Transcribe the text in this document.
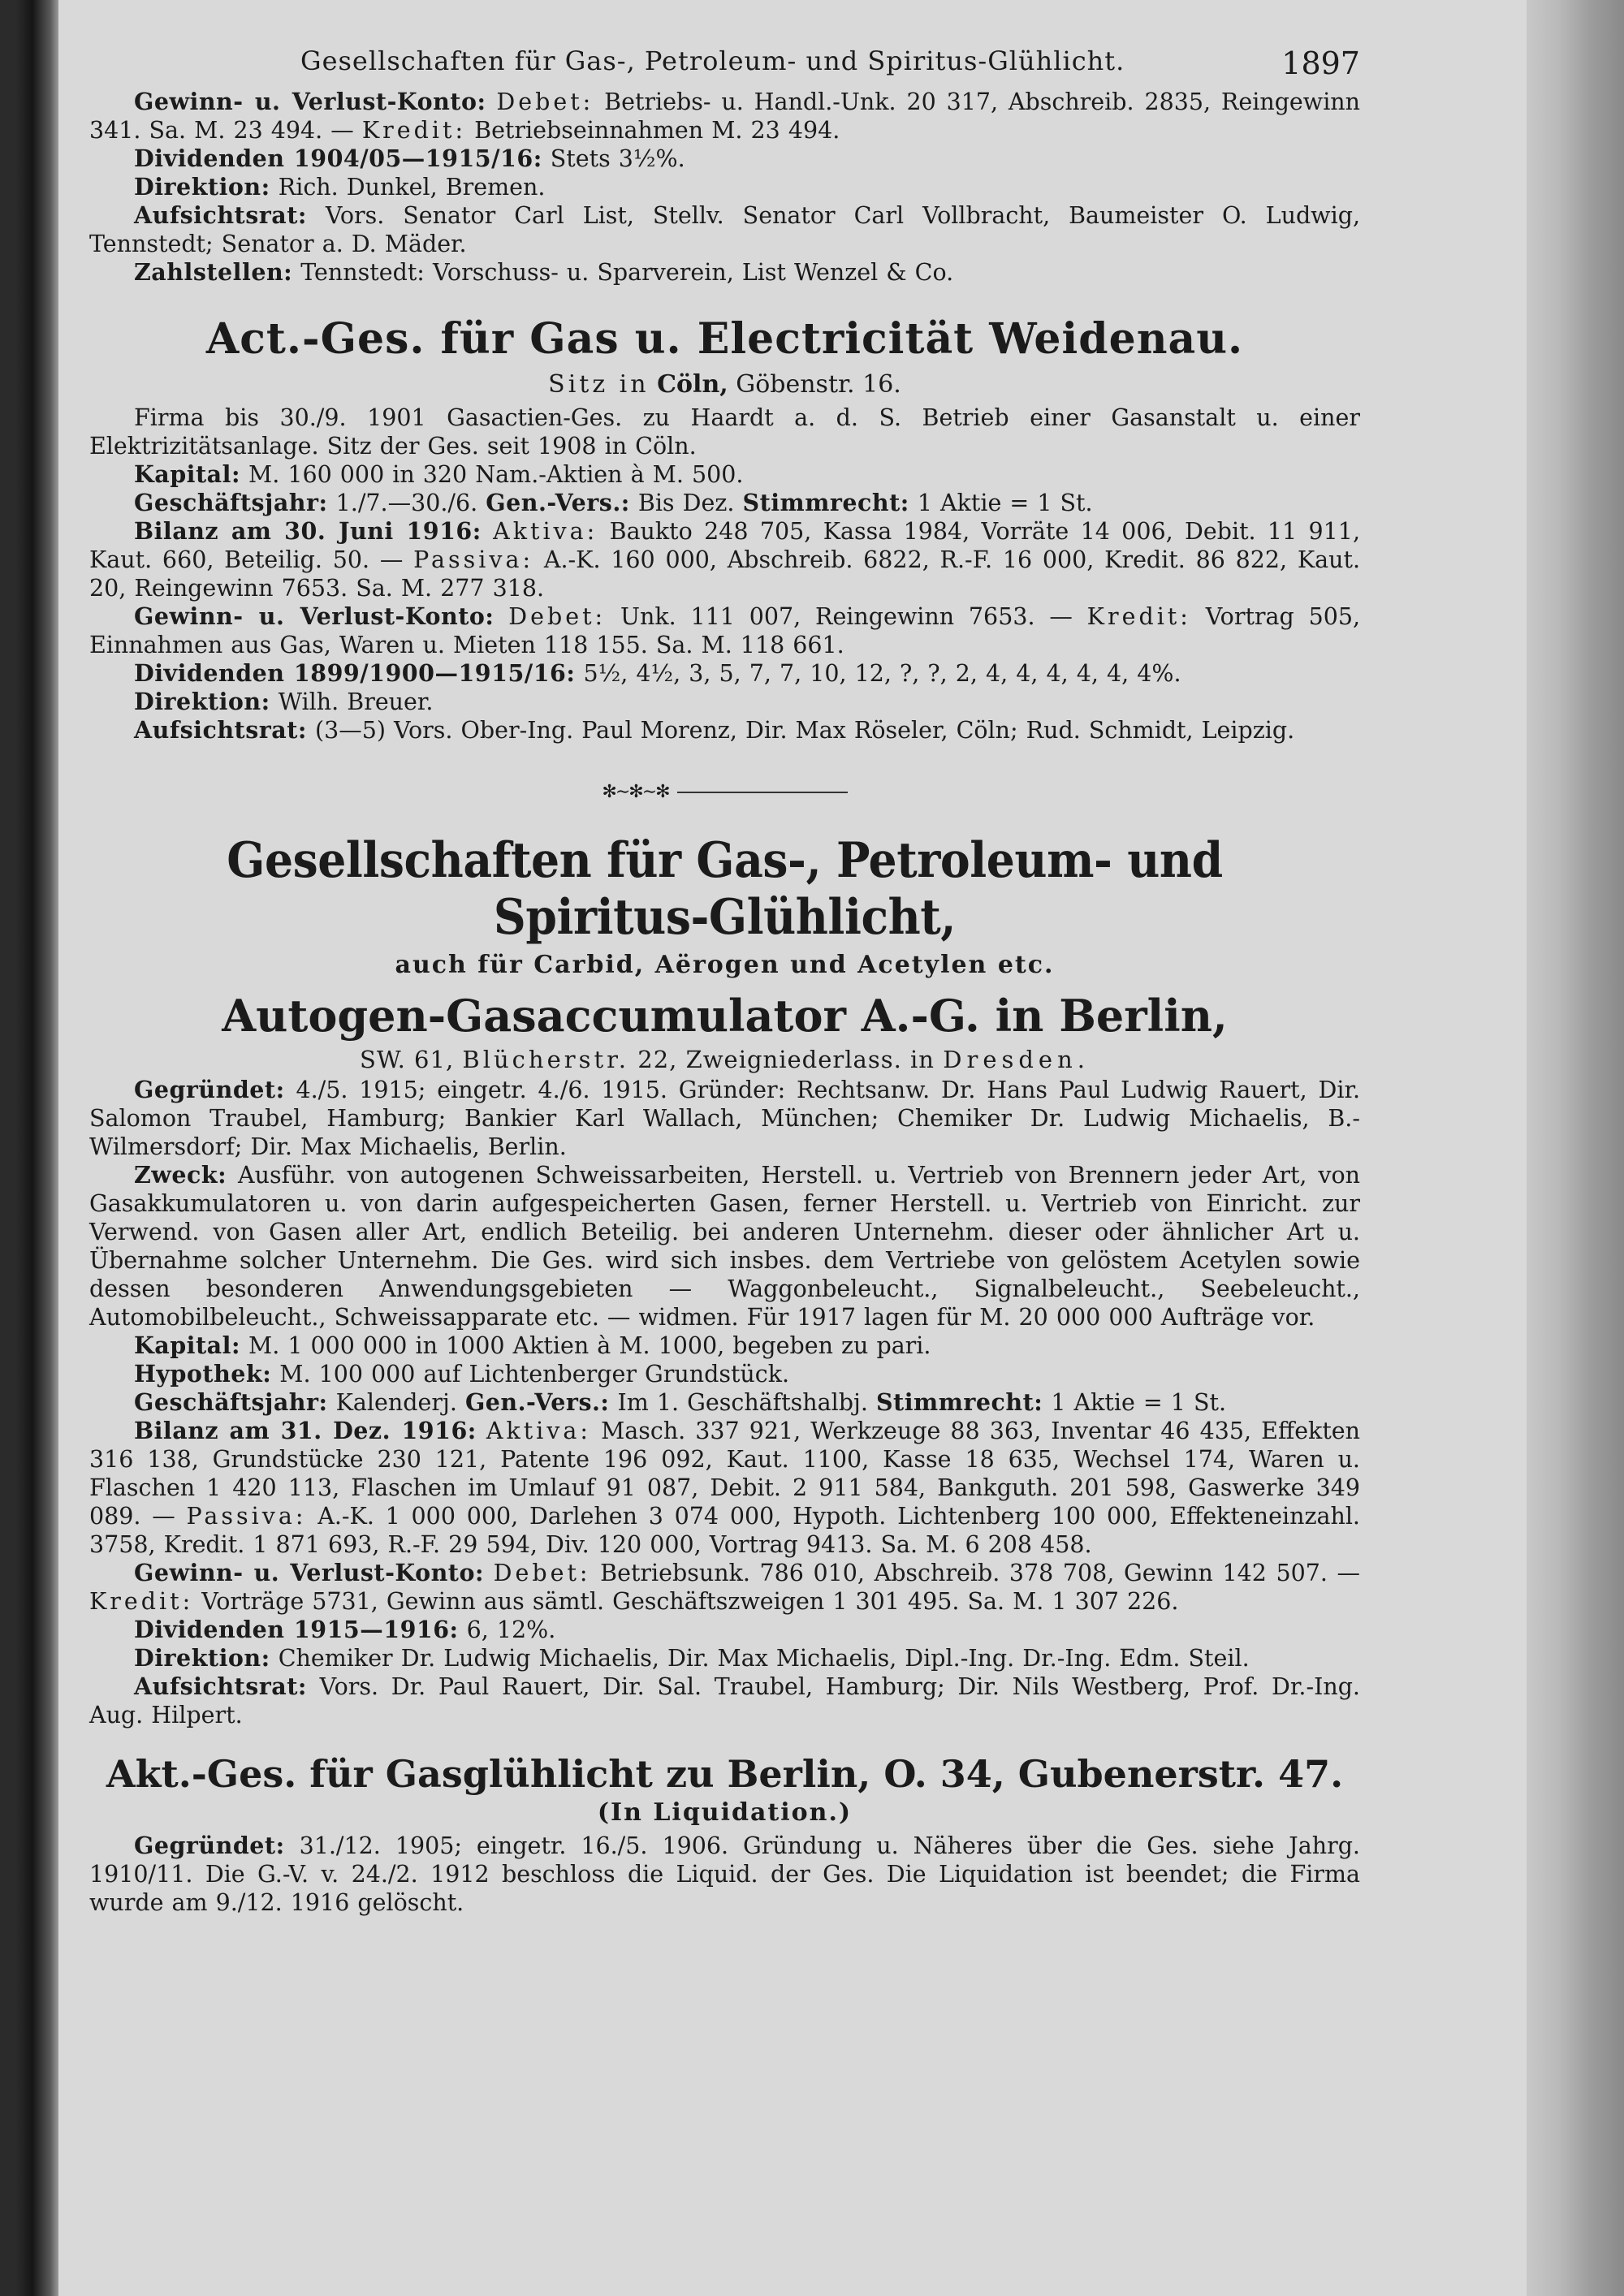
Gesellschaften für Gas-, Petroleum- und Spiritus-Glühlicht.	1897

Gewinn- u. Verlust-Konto: Debet: Betriebs- u. Handl.-Unk. 20 317, Abschreib. 2835, Reingewinn 341. Sa. M. 23 494. — Kredit: Betriebseinnahmen M. 23 494.

Dividenden 1904/05—1915/16: Stets 3½%.

Direktion: Rich. Dunkel, Bremen.

Aufsichtsrat: Vors. Senator Carl List, Stellv. Senator Carl Vollbracht, Baumeister O. Ludwig, Tennstedt; Senator a. D. Mäder.

Zahlstellen: Tennstedt: Vorschuss- u. Sparverein, List Wenzel & Co.

Act.-Ges. für Gas u. Electricität Weidenau.
Sitz in Cöln, Göbenstr. 16.

Firma bis 30./9. 1901 Gasactien-Ges. zu Haardt a. d. S. Betrieb einer Gasanstalt u. einer Elektrizitätsanlage. Sitz der Ges. seit 1908 in Cöln.

Kapital: M. 160 000 in 320 Nam.-Aktien à M. 500.

Geschäftsjahr: 1./7.—30./6. Gen.-Vers.: Bis Dez. Stimmrecht: 1 Aktie = 1 St.

Bilanz am 30. Juni 1916: Aktiva: Baukto 248 705, Kassa 1984, Vorräte 14 006, Debit. 11 911, Kaut. 660, Beteilig. 50. — Passiva: A.-K. 160 000, Abschreib. 6822, R.-F. 16 000, Kredit. 86 822, Kaut. 20, Reingewinn 7653. Sa. M. 277 318.

Gewinn- u. Verlust-Konto: Debet: Unk. 111 007, Reingewinn 7653. — Kredit: Vortrag 505, Einnahmen aus Gas, Waren u. Mieten 118 155. Sa. M. 118 661.

Dividenden 1899/1900—1915/16: 5½, 4½, 3, 5, 7, 7, 10, 12, ?, ?, 2, 4, 4, 4, 4, 4, 4%.

Direktion: Wilh. Breuer.

Aufsichtsrat: (3—5) Vors. Ober-Ing. Paul Morenz, Dir. Max Röseler, Cöln; Rud. Schmidt, Leipzig.

✻∼✻∼✻
Gesellschaften für Gas-, Petroleum- und Spiritus-Glühlicht,
auch für Carbid, Aërogen und Acetylen etc.
Autogen-Gasaccumulator A.-G. in Berlin,
SW. 61, Blücherstr. 22, Zweigniederlass. in Dresden.

Gegründet: 4./5. 1915; eingetr. 4./6. 1915. Gründer: Rechtsanw. Dr. Hans Paul Ludwig Rauert, Dir. Salomon Traubel, Hamburg; Bankier Karl Wallach, München; Chemiker Dr. Ludwig Michaelis, B.-Wilmersdorf; Dir. Max Michaelis, Berlin.

Zweck: Ausführ. von autogenen Schweissarbeiten, Herstell. u. Vertrieb von Brennern jeder Art, von Gasakkumulatoren u. von darin aufgespeicherten Gasen, ferner Herstell. u. Vertrieb von Einricht. zur Verwend. von Gasen aller Art, endlich Beteilig. bei anderen Unternehm. dieser oder ähnlicher Art u. Übernahme solcher Unternehm. Die Ges. wird sich insbes. dem Vertriebe von gelöstem Acetylen sowie dessen besonderen Anwendungsgebieten — Waggonbeleucht., Signalbeleucht., Seebeleucht., Automobilbeleucht., Schweissapparate etc. — widmen. Für 1917 lagen für M. 20 000 000 Aufträge vor.

Kapital: M. 1 000 000 in 1000 Aktien à M. 1000, begeben zu pari.

Hypothek: M. 100 000 auf Lichtenberger Grundstück.

Geschäftsjahr: Kalenderj. Gen.-Vers.: Im 1. Geschäftshalbj. Stimmrecht: 1 Aktie = 1 St.

Bilanz am 31. Dez. 1916: Aktiva: Masch. 337 921, Werkzeuge 88 363, Inventar 46 435, Effekten 316 138, Grundstücke 230 121, Patente 196 092, Kaut. 1100, Kasse 18 635, Wechsel 174, Waren u. Flaschen 1 420 113, Flaschen im Umlauf 91 087, Debit. 2 911 584, Bankguth. 201 598, Gaswerke 349 089. — Passiva: A.-K. 1 000 000, Darlehen 3 074 000, Hypoth. Lichtenberg 100 000, Effekteneinzahl. 3758, Kredit. 1 871 693, R.-F. 29 594, Div. 120 000, Vortrag 9413. Sa. M. 6 208 458.

Gewinn- u. Verlust-Konto: Debet: Betriebsunk. 786 010, Abschreib. 378 708, Gewinn 142 507. — Kredit: Vorträge 5731, Gewinn aus sämtl. Geschäftszweigen 1 301 495. Sa. M. 1 307 226.

Dividenden 1915—1916: 6, 12%.

Direktion: Chemiker Dr. Ludwig Michaelis, Dir. Max Michaelis, Dipl.-Ing. Dr.-Ing. Edm. Steil.

Aufsichtsrat: Vors. Dr. Paul Rauert, Dir. Sal. Traubel, Hamburg; Dir. Nils Westberg, Prof. Dr.-Ing. Aug. Hilpert.

Akt.-Ges. für Gasglühlicht zu Berlin, O. 34, Gubenerstr. 47.
(In Liquidation.)

Gegründet: 31./12. 1905; eingetr. 16./5. 1906. Gründung u. Näheres über die Ges. siehe Jahrg. 1910/11. Die G.-V. v. 24./2. 1912 beschloss die Liquid. der Ges. Die Liquidation ist beendet; die Firma wurde am 9./12. 1916 gelöscht.
